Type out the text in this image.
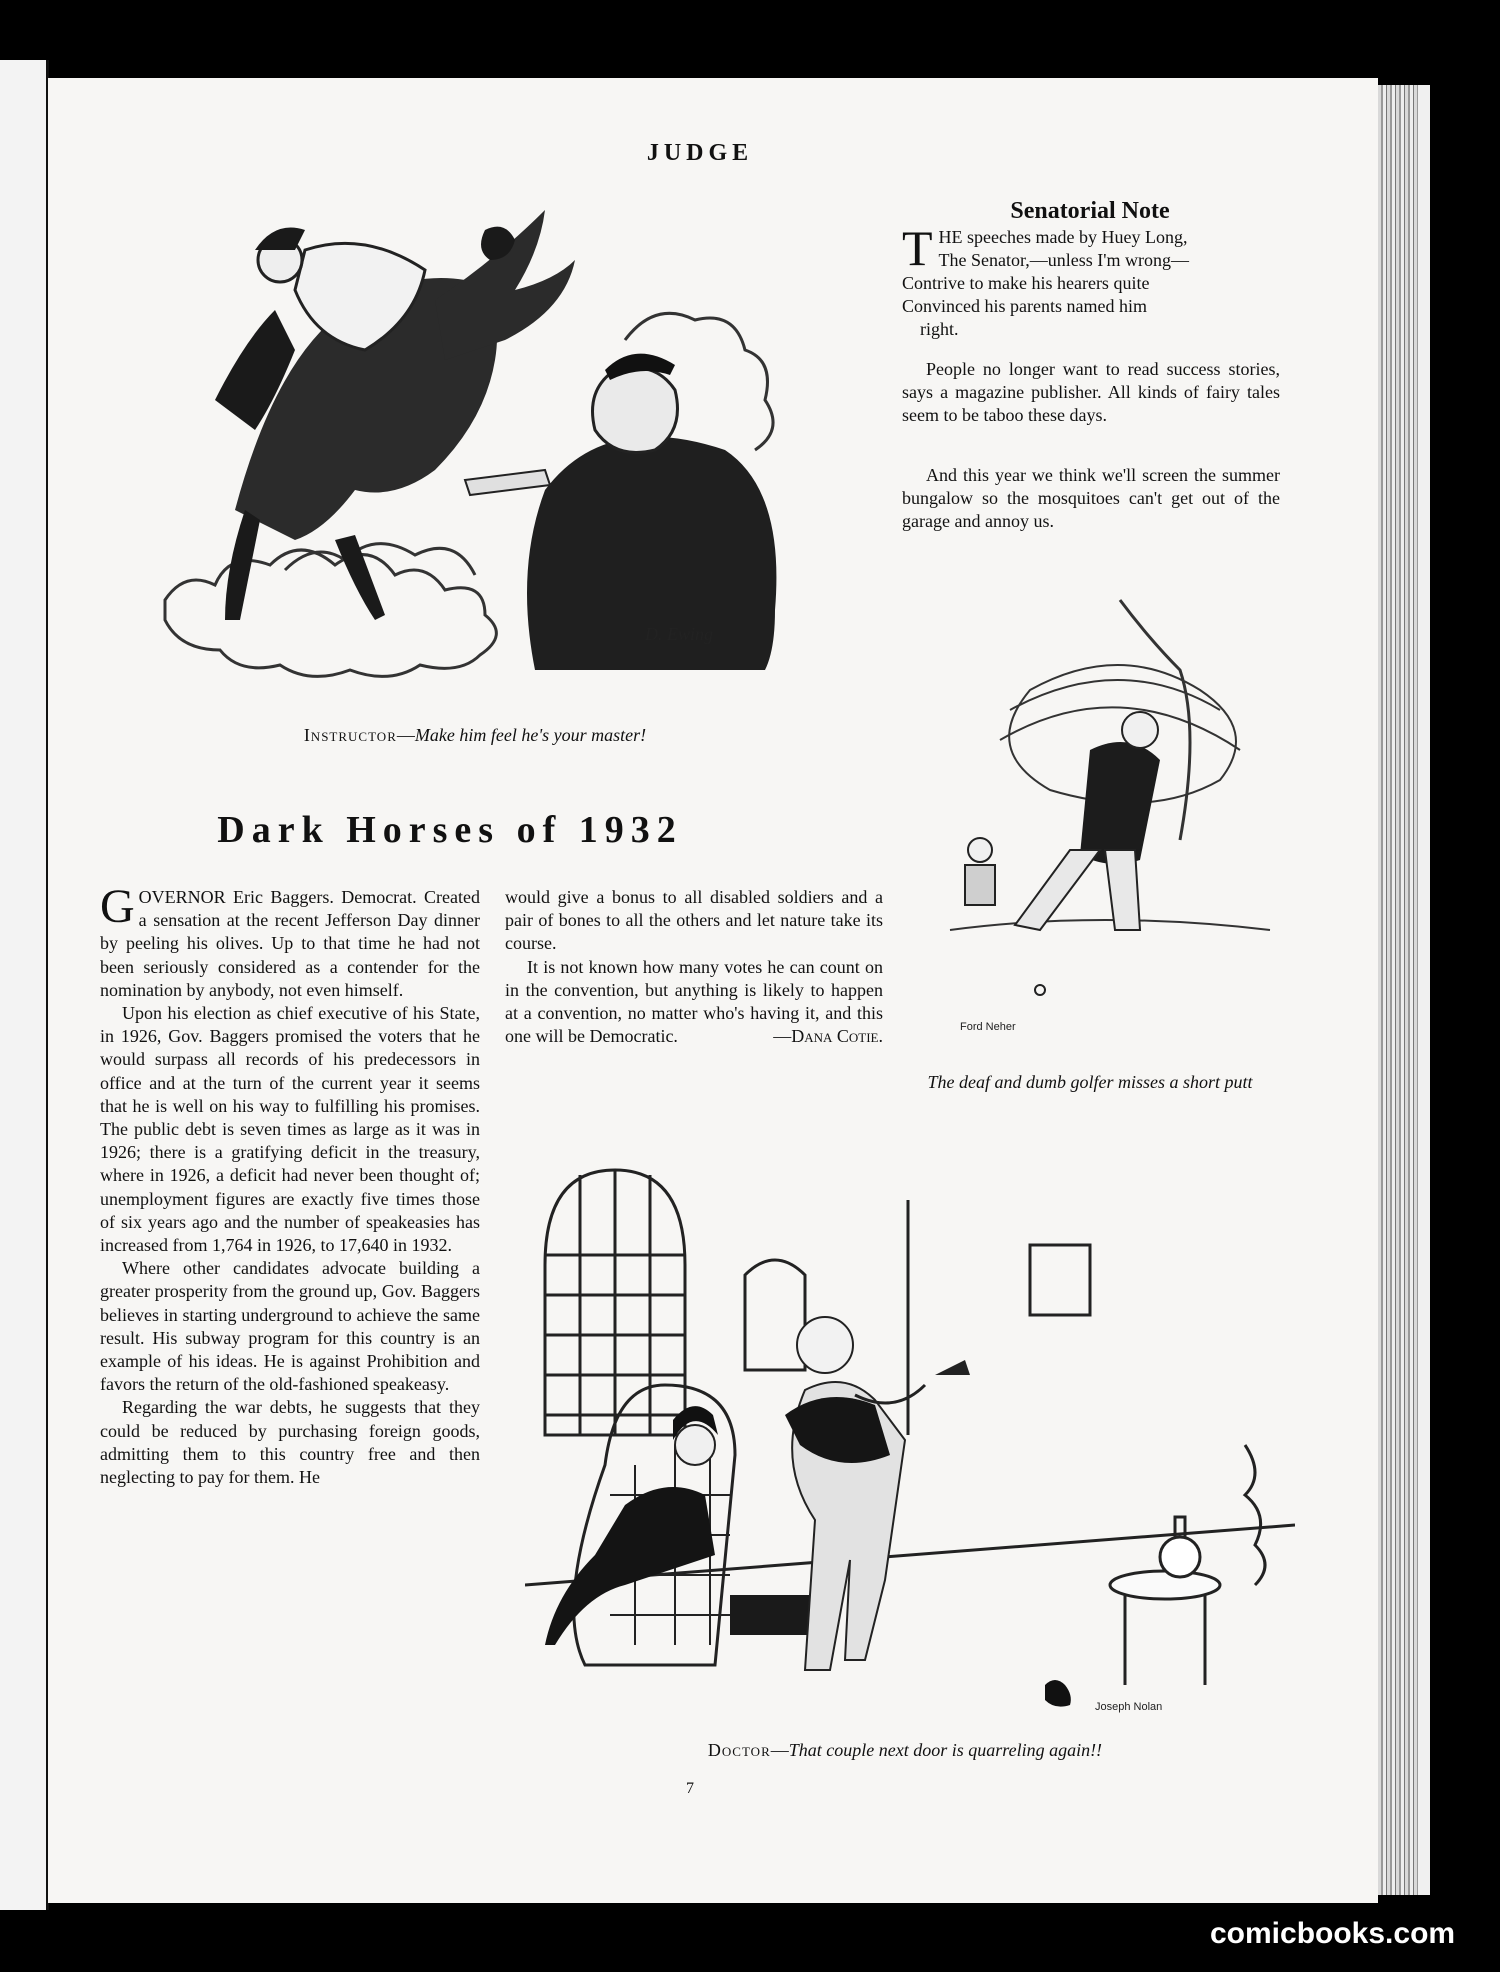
JUDGE
D. Ewing
Instructor—Make him feel he's your master!
Senatorial Note
T HE speeches made by Huey Long,

The Senator,—unless I'm wrong—

Contrive to make his hearers quite

Convinced his parents named him

right.

People no longer want to read success stories, says a magazine publisher. All kinds of fairy tales seem to be taboo these days.

And this year we think we'll screen the summer bungalow so the mosquitoes can't get out of the garage and annoy us.

Ford Neher
The deaf and dumb golfer misses a short putt
Dark Horses of 1932

GOVERNOR Eric Baggers. Democrat. Created a sensation at the recent Jefferson Day dinner by peeling his olives. Up to that time he had not been seriously considered as a contender for the nomination by anybody, not even himself.

Upon his election as chief executive of his State, in 1926, Gov. Baggers promised the voters that he would surpass all records of his predecessors in office and at the turn of the current year it seems that he is well on his way to fulfilling his promises. The public debt is seven times as large as it was in 1926; there is a gratifying deficit in the treasury, where in 1926, a deficit had never been thought of; unemployment figures are exactly five times those of six years ago and the number of speakeasies has increased from 1,764 in 1926, to 17,640 in 1932.

Where other candidates advocate building a greater prosperity from the ground up, Gov. Baggers believes in starting underground to achieve the same result. His subway program for this country is an example of his ideas. He is against Prohibition and favors the return of the old-fashioned speakeasy.

Regarding the war debts, he suggests that they could be reduced by purchasing foreign goods, admitting them to this country free and then neglecting to pay for them. He

would give a bonus to all disabled soldiers and a pair of bones to all the others and let nature take its course.

It is not known how many votes he can count on in the convention, but anything is likely to happen at a convention, no matter who's having it, and this one will be Democratic.	—Dana Cotie.

Joseph Nolan
Doctor—That couple next door is quarreling again!!
7
comicbooks.com
